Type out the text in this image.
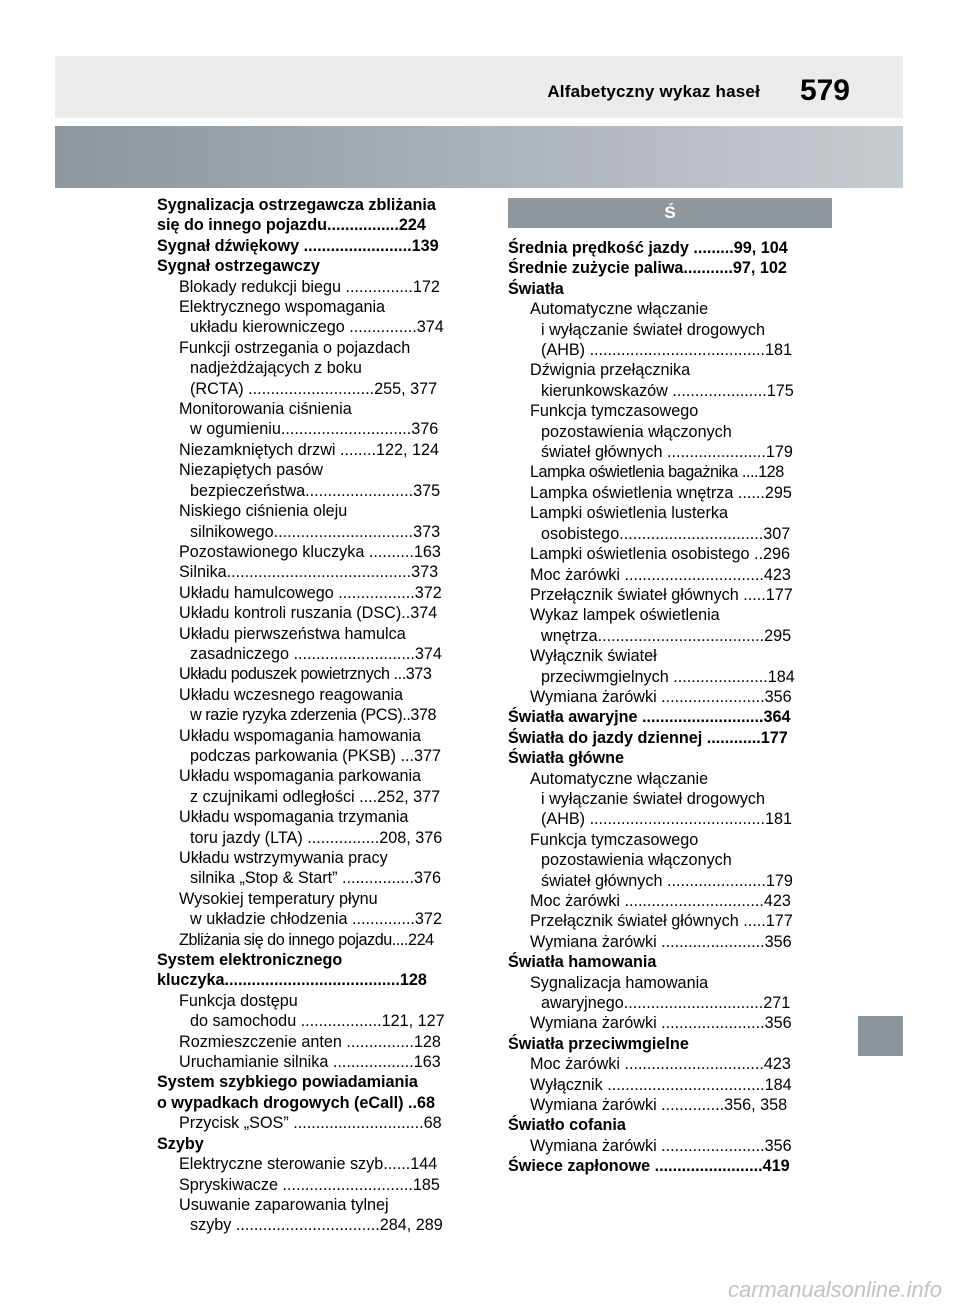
Alfabetyczny wykaz haseł 579
Sygnalizacja ostrzegawcza zbliżania
się do innego pojazdu................224
Sygnał dźwiękowy ........................139
Sygnał ostrzegawczy
Blokady redukcji biegu ...............172
Elektrycznego wspomagania
układu kierowniczego ...............374
Funkcji ostrzegania o pojazdach
nadjeżdżających z boku
(RCTA) ............................255, 377
Monitorowania ciśnienia
w ogumieniu.............................376
Niezamkniętych drzwi ........122, 124
Niezapiętych pasów
bezpieczeństwa........................375
Niskiego ciśnienia oleju
silnikowego...............................373
Pozostawionego kluczyka ..........163
Silnika.........................................373
Układu hamulcowego .................372
Układu kontroli ruszania (DSC)..374
Układu pierwszeństwa hamulca
zasadniczego ...........................374
Układu poduszek powietrznych ...373
Układu wczesnego reagowania
w razie ryzyka zderzenia (PCS)..378
Układu wspomagania hamowania
podczas parkowania (PKSB) ...377
Układu wspomagania parkowania
z czujnikami odległości ....252, 377
Układu wspomagania trzymania
toru jazdy (LTA) ................208, 376
Układu wstrzymywania pracy
silnika „Stop & Start” ................376
Wysokiej temperatury płynu
w układzie chłodzenia ..............372
Zbliżania się do innego pojazdu....224
System elektronicznego
kluczyka.......................................128
Funkcja dostępu
do samochodu ..................121, 127
Rozmieszczenie anten ...............128
Uruchamianie silnika ..................163
System szybkiego powiadamiania
o wypadkach drogowych (eCall) ..68
Przycisk „SOS” .............................68
Szyby
Elektryczne sterowanie szyb......144
Spryskiwacze .............................185
Usuwanie zaparowania tylnej
szyby ................................284, 289
Ś
Średnia prędkość jazdy .........99, 104
Średnie zużycie paliwa...........97, 102
Światła
Automatyczne włączanie
i wyłączanie świateł drogowych
(AHB) .......................................181
Dźwignia przełącznika
kierunkowskazów .....................175
Funkcja tymczasowego
pozostawienia włączonych
świateł głównych ......................179
Lampka oświetlenia bagażnika ....128
Lampka oświetlenia wnętrza ......295
Lampki oświetlenia lusterka
osobistego................................307
Lampki oświetlenia osobistego ..296
Moc żarówki ...............................423
Przełącznik świateł głównych .....177
Wykaz lampek oświetlenia
wnętrza.....................................295
Wyłącznik świateł
przeciwmgielnych .....................184
Wymiana żarówki .......................356
Światła awaryjne ...........................364
Światła do jazdy dziennej ............177
Światła główne
Automatyczne włączanie
i wyłączanie świateł drogowych
(AHB) .......................................181
Funkcja tymczasowego
pozostawienia włączonych
świateł głównych ......................179
Moc żarówki ...............................423
Przełącznik świateł głównych .....177
Wymiana żarówki .......................356
Światła hamowania
Sygnalizacja hamowania
awaryjnego...............................271
Wymiana żarówki .......................356
Światła przeciwmgielne
Moc żarówki ...............................423
Wyłącznik ...................................184
Wymiana żarówki ..............356, 358
Światło cofania
Wymiana żarówki .......................356
Świece zapłonowe ........................419
carmanualsonline.info
